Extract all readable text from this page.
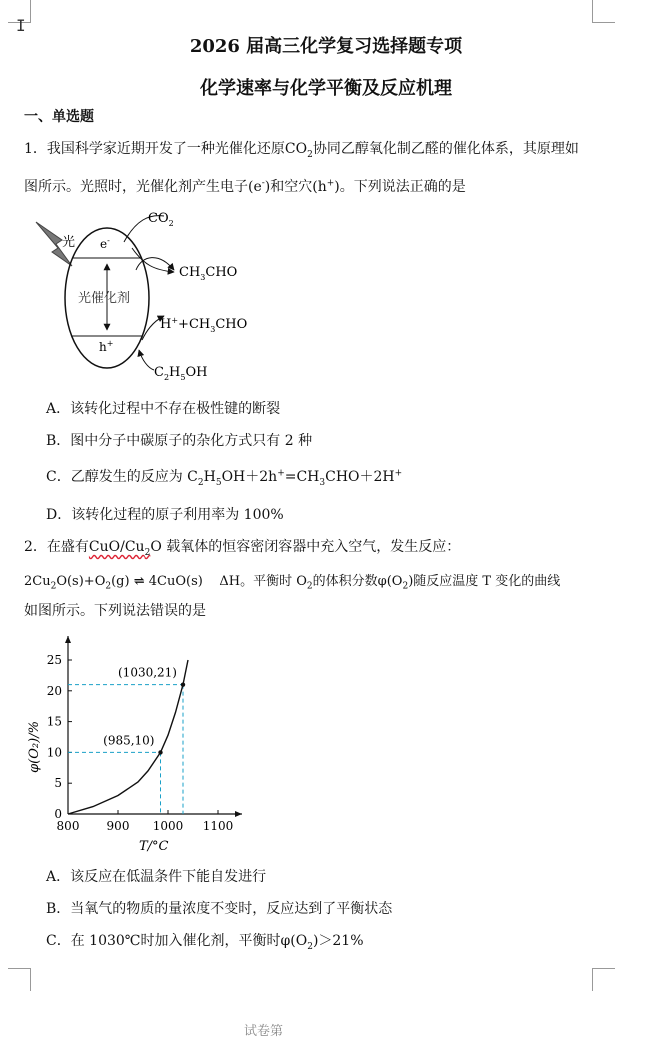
I
2026 届高三化学复习选择题专项
化学速率与化学平衡及反应机理
一、单选题
1．我国科学家近期开发了一种光催化还原$CO_2$协同乙醇氧化制乙醛的催化体系，其原理如
图所示。光照时，光催化剂产生电子(e-)和空穴(h+)。下列说法正确的是
光 e-
h+
光催化剂
$CO_2$
$CH_3CHO$
$H^++CH_3CHO$
$C_2H_5OH$
A．该转化过程中不存在极性键的断裂
B．图中分子中碳原子的杂化方式只有 2 种
C．乙醇发生的反应为 $C_2H_5OH+2h^+=CH_3CHO+2H^+$
D．该转化过程的原子利用率为 100%
2．在盛有CuO/$Cu_2O$ 载氧体的恒容密闭容器中充入空气，发生反应：
$2Cu_2O(s)+O_2(g)$ ⇌ 4CuO(s) ΔH。平衡时 $O_2$的体积分数$\varphi(O_2)$随反应温度 T 变化的曲线
如图所示。下列说法错误的是
800 900 1000 1100
0
5
10
15
20
25
T/°C
φ(O₂)/%	(985,10)
(1030,21)
A．该反应在低温条件下能自发进行
B．当氧气的物质的量浓度不变时，反应达到了平衡状态
C．在 1030℃时加入催化剂，平衡时$\varphi(O_2)>21\%$
试卷第
